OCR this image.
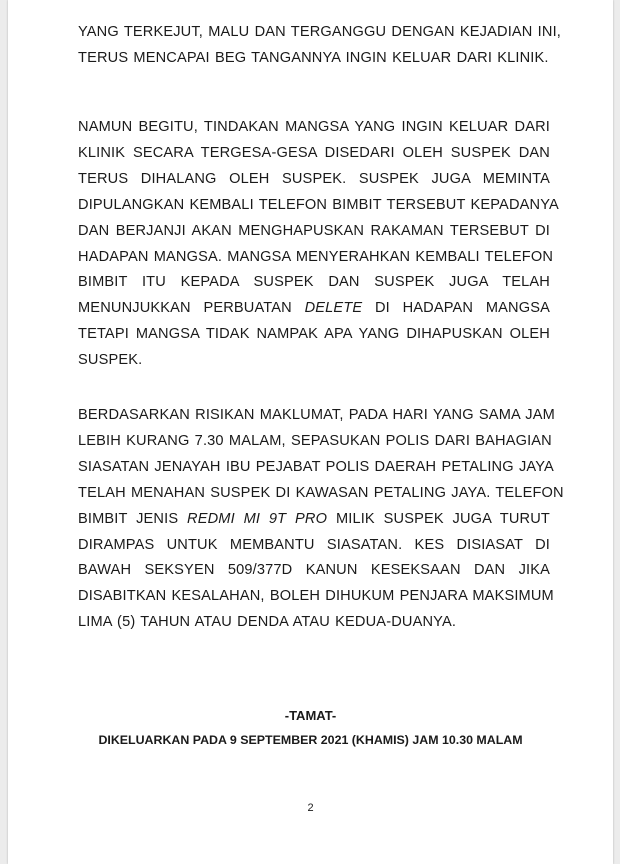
YANG TERKEJUT, MALU DAN TERGANGGU DENGAN KEJADIAN INI,
TERUS MENCAPAI BEG TANGANNYA INGIN KELUAR DARI KLINIK.
NAMUN BEGITU, TINDAKAN MANGSA YANG INGIN KELUAR DARI
KLINIK SECARA TERGESA-GESA DISEDARI OLEH SUSPEK DAN
TERUS DIHALANG OLEH SUSPEK. SUSPEK JUGA MEMINTA
DIPULANGKAN KEMBALI TELEFON BIMBIT TERSEBUT KEPADANYA
DAN BERJANJI AKAN MENGHAPUSKAN RAKAMAN TERSEBUT DI
HADAPAN MANGSA. MANGSA MENYERAHKAN KEMBALI TELEFON
BIMBIT ITU KEPADA SUSPEK DAN SUSPEK JUGA TELAH
MENUNJUKKAN PERBUATAN DELETE DI HADAPAN MANGSA
TETAPI MANGSA TIDAK NAMPAK APA YANG DIHAPUSKAN OLEH
SUSPEK.
BERDASARKAN RISIKAN MAKLUMAT, PADA HARI YANG SAMA JAM
LEBIH KURANG 7.30 MALAM, SEPASUKAN POLIS DARI BAHAGIAN
SIASATAN JENAYAH IBU PEJABAT POLIS DAERAH PETALING JAYA
TELAH MENAHAN SUSPEK DI KAWASAN PETALING JAYA. TELEFON
BIMBIT JENIS REDMI MI 9T PRO MILIK SUSPEK JUGA TURUT
DIRAMPAS UNTUK MEMBANTU SIASATAN. KES DISIASAT DI
BAWAH SEKSYEN 509/377D KANUN KESEKSAAN DAN JIKA
DISABITKAN KESALAHAN, BOLEH DIHUKUM PENJARA MAKSIMUM
LIMA (5) TAHUN ATAU DENDA ATAU KEDUA-DUANYA.

-TAMAT-

DIKELUARKAN PADA 9 SEPTEMBER 2021 (KHAMIS) JAM 10.30 MALAM

2
